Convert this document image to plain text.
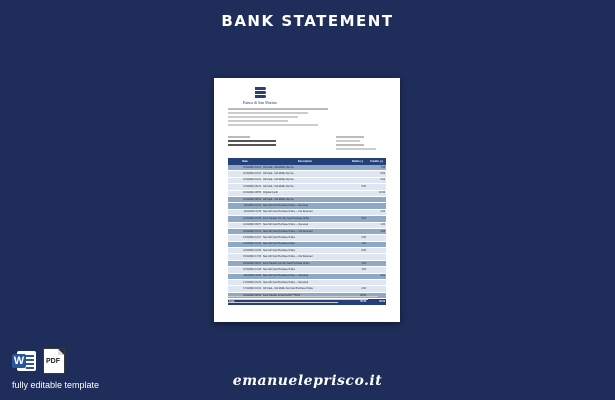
BANK STATEMENT
Banca di San Marino
Date	Description	Debits (-)	Credits (+)
10/11/2021 15:21	Gift Card—VIA Mobile Net Ca.		7.00
10/11/2021 15:21	Gift Card—VIA Mobile Net Ca.		8.00
10/11/2021 10:21	Gift Card—VIA Mobile Net Ca.		5.00
10/11/2021 09:12	Gift Card—VIA Mobile Net Ca.	5.00	
10/11/2021 08:55	Original Credit		18.00
10/11/2021 08:40	Gift Card—VIA Mobile Net Ca.		
11/11/2021 16:01	New Gift Card Purchase Online — Received		
11/11/2021 11:45	New Gift Card Purchase Online — Not Received		2.00
12/11/2021 10:09	Fund Transfer from My Card Purchase Online	6.00	
12/11/2021 09:37	New Gift Card Purchase Online — Received		4.00
13/11/2021 15:12	New Gift Card Purchase Online — Not Received		3.00
13/11/2021 14:27	New Gift Card Purchase Online	2.00	
14/11/2021 12:06	New Gift Card Purchase Online	1.00	
14/11/2021 10:50	New Gift Card Purchase Online	8.00	
15/11/2021 17:33	New Gift Card Purchase Online — Not Received		
15/11/2021 09:21	Fund Transfer from My Card Purchase Online	4.00	
16/11/2021 13:48	New Gift Card Purchase Online	3.00	
16/11/2021 11:05	New Gift Card Purchase Online — Received		9.00
17/11/2021 16:16	New Gift Card Purchase Online — Received		
17/11/2021 10:42	Gift Card—VIA Mobile Net Card Purchase Online	2.00	

		55.00	63.00
W	PDF
fully editable template	emanueleprisco.it
